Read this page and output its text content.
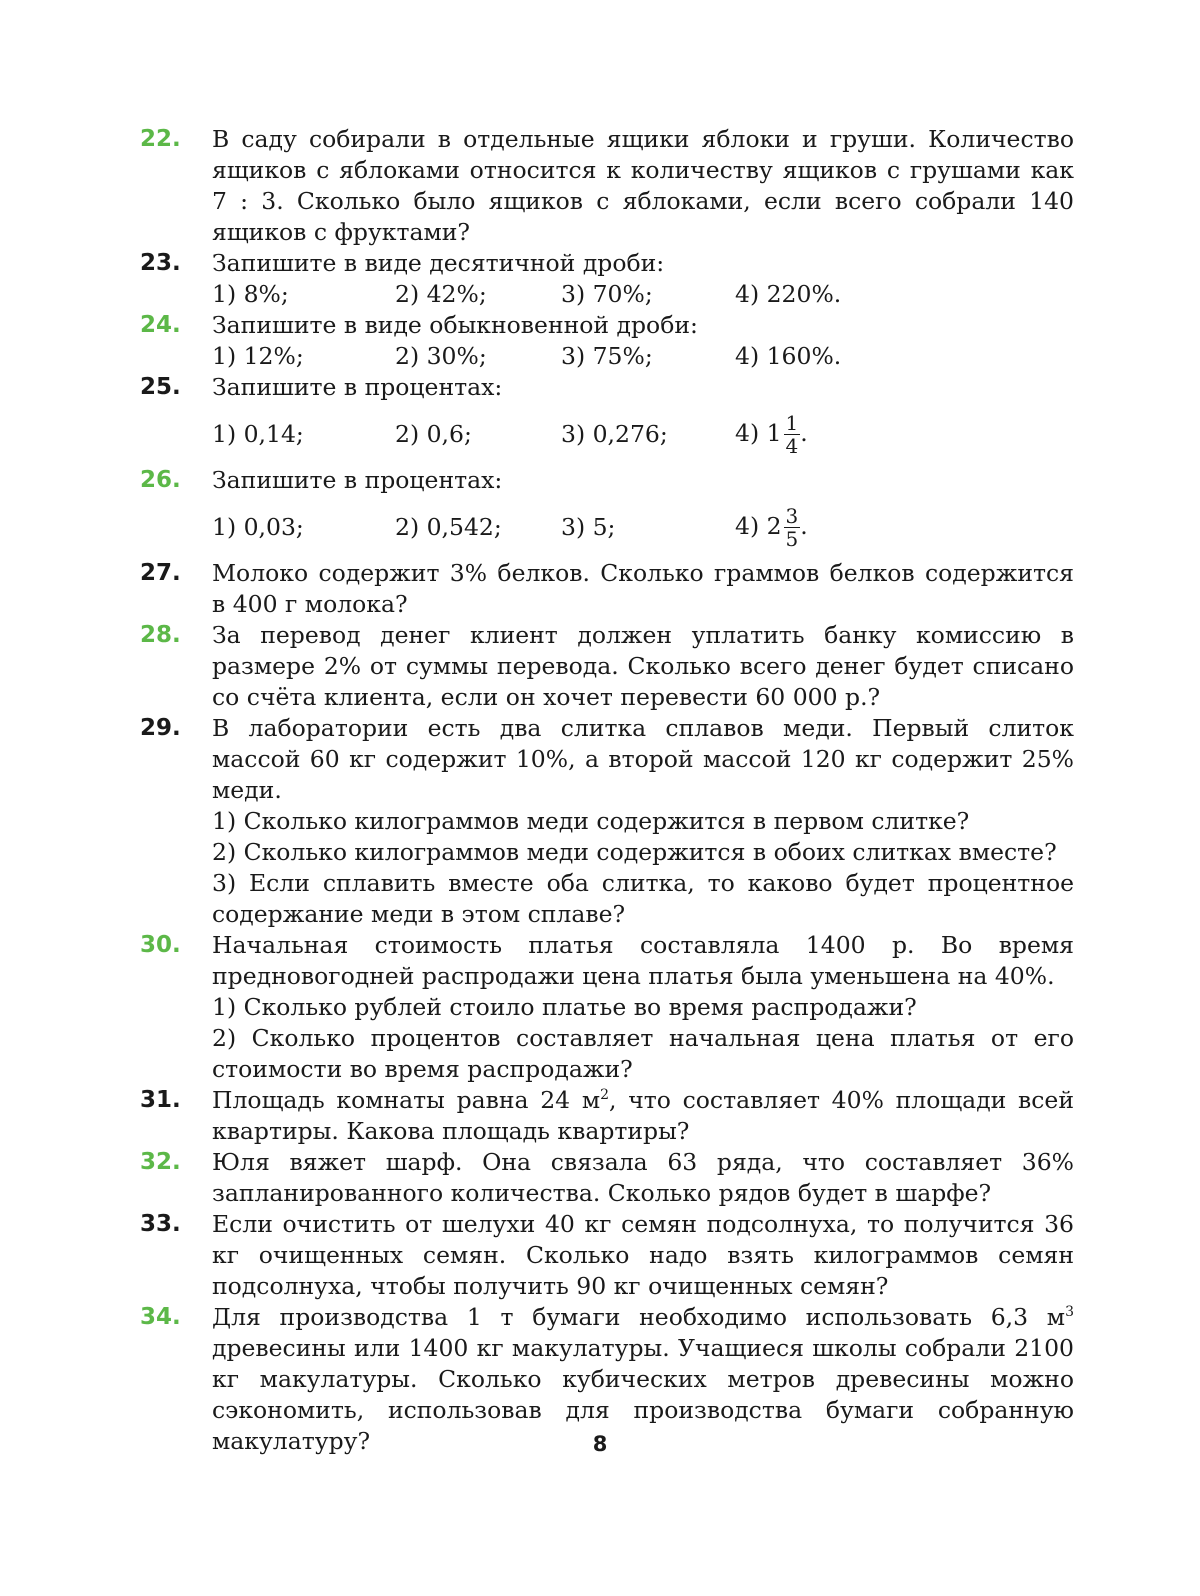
22. В саду собирали в отдельные ящики яблоки и груши. Количество ящиков с яблоками относится к количеству ящиков с грушами как 7 : 3. Сколько было ящиков с яблоками, если всего собрали 140 ящиков с фруктами?
23. Запишите в виде десятичной дроби:
1) 8%;	2) 42%;	3) 70%;	4) 220%.
24. Запишите в виде обыкновенной дроби:
1) 12%;	2) 30%;	3) 75%;	4) 160%.
25. Запишите в процентах:
1) 0,14;	2) 0,6;	3) 0,276;	4) $1 \frac{1}{4}$ .
26. Запишите в процентах:
1) 0,03;	2) 0,542;	3) 5;	4) $2 \frac{3}{5}$ .
27. Молоко содержит 3% белков. Сколько граммов белков содержится в 400 г молока?
28. За перевод денег клиент должен уплатить банку комиссию в размере 2% от суммы перевода. Сколько всего денег будет списано со счёта клиента, если он хочет перевести 60 000 р.?
29. В лаборатории есть два слитка сплавов меди. Первый слиток массой 60 кг содержит 10%, а второй массой 120 кг содержит 25% меди.
1) Сколько килограммов меди содержится в первом слитке?
2) Сколько килограммов меди содержится в обоих слитках вместе?
3) Если сплавить вместе оба слитка, то каково будет процентное содержание меди в этом сплаве?
30. Начальная стоимость платья составляла 1400 р. Во время предновогодней распродажи цена платья была уменьшена на 40%.
1) Сколько рублей стоило платье во время распродажи?
2) Сколько процентов составляет начальная цена платья от его стоимости во время распродажи?
31. Площадь комнаты равна 24 $м^2$, что составляет 40% площади всей квартиры. Какова площадь квартиры?
32. Юля вяжет шарф. Она связала 63 ряда, что составляет 36% запланированного количества. Сколько рядов будет в шарфе?
33. Если очистить от шелухи 40 кг семян подсолнуха, то получится 36 кг очищенных семян. Сколько надо взять килограммов семян подсолнуха, чтобы получить 90 кг очищенных семян?
34. Для производства 1 т бумаги необходимо использовать 6,3 $м^3$ древесины или 1400 кг макулатуры. Учащиеся школы собрали 2100 кг макулатуры. Сколько кубических метров древесины можно сэкономить, использовав для производства бумаги собранную макулатуру?	8
